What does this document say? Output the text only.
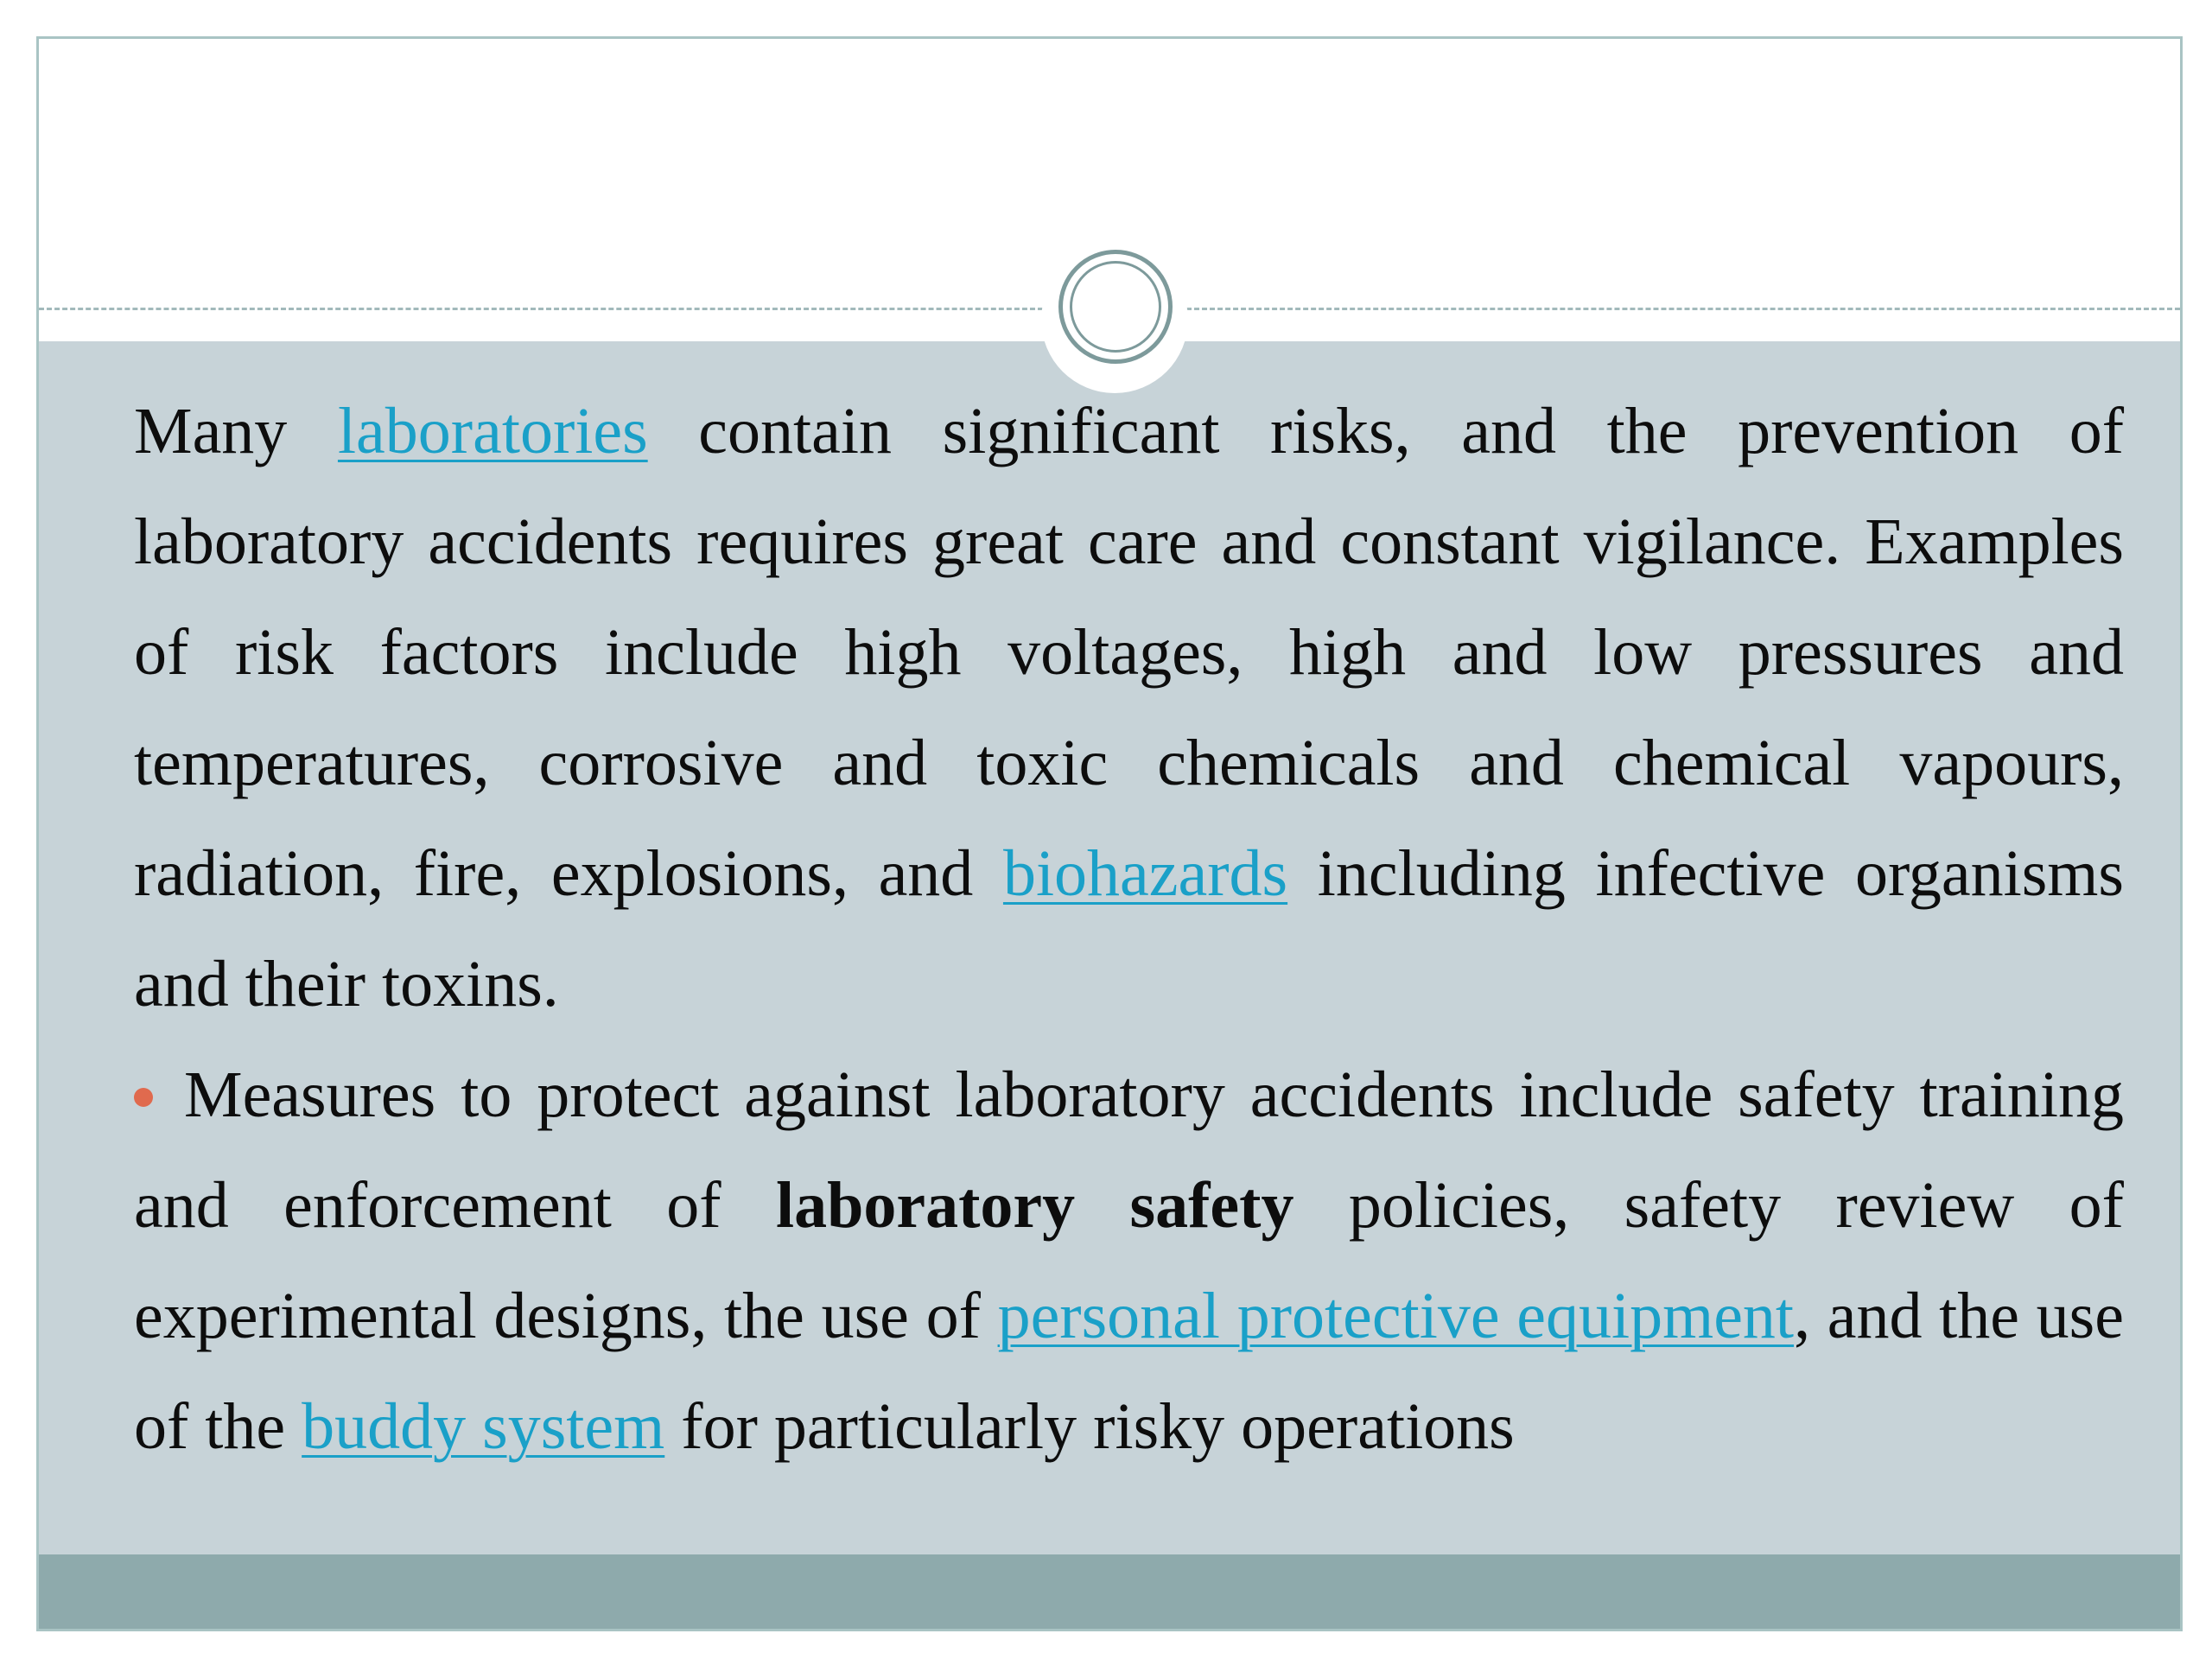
Many laboratories contain significant risks, and the prevention of laboratory accidents requires great care and constant vigilance. Examples of risk factors include high voltages, high and low pressures and temperatures, corrosive and toxic chemicals and chemical vapours, radiation, fire, explosions, and biohazards including infective organisms and their toxins.

Measures to protect against laboratory accidents include safety training and enforcement of laboratory safety policies, safety review of experimental designs, the use of personal protective equipment, and the use of the buddy system for particularly risky operations
